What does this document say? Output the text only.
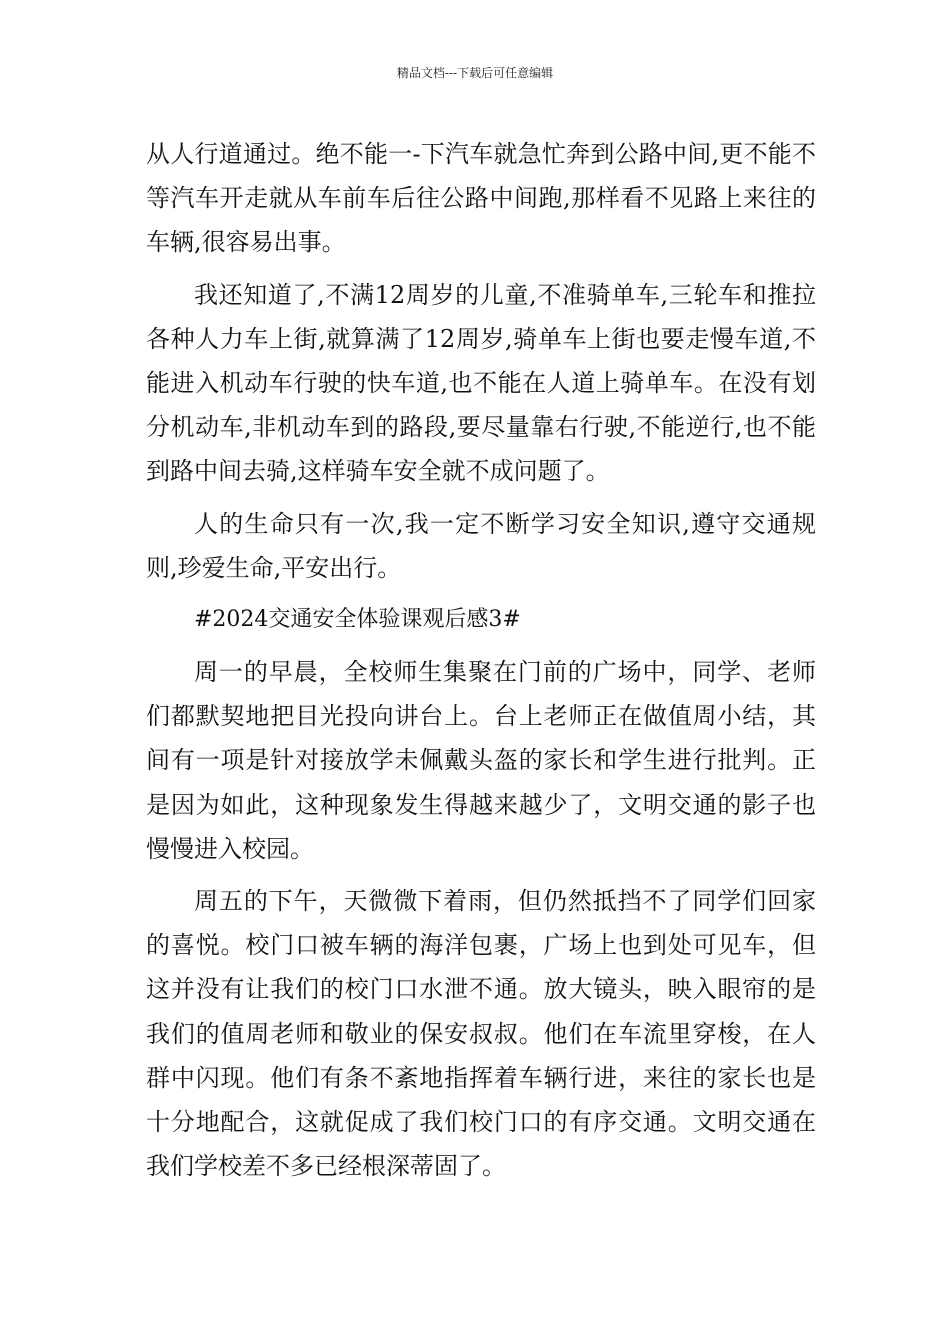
精品文档---下载后可任意编辑

从人行道通过。绝不能一-下汽车就急忙奔到公路中间,更不能不等汽车开走就从车前车后往公路中间跑,那样看不见路上来往的车辆,很容易出事。

我还知道了,不满12周岁的儿童,不准骑单车,三轮车和推拉各种人力车上街,就算满了12周岁,骑单车上街也要走慢车道,不能进入机动车行驶的快车道,也不能在人道上骑单车。在没有划分机动车,非机动车到的路段,要尽量靠右行驶,不能逆行,也不能到路中间去骑,这样骑车安全就不成问题了。

人的生命只有一次,我一定不断学习安全知识,遵守交通规则,珍爱生命,平安出行。

#2024交通安全体验课观后感3#

周一的早晨，全校师生集聚在门前的广场中，同学、老师们都默契地把目光投向讲台上。台上老师正在做值周小结，其间有一项是针对接放学未佩戴头盔的家长和学生进行批判。正是因为如此，这种现象发生得越来越少了，文明交通的影子也慢慢进入校园。

周五的下午，天微微下着雨，但仍然抵挡不了同学们回家的喜悦。校门口被车辆的海洋包裹，广场上也到处可见车，但这并没有让我们的校门口水泄不通。放大镜头，映入眼帘的是我们的值周老师和敬业的保安叔叔。他们在车流里穿梭，在人群中闪现。他们有条不紊地指挥着车辆行进，来往的家长也是十分地配合，这就促成了我们校门口的有序交通。文明交通在我们学校差不多已经根深蒂固了。
